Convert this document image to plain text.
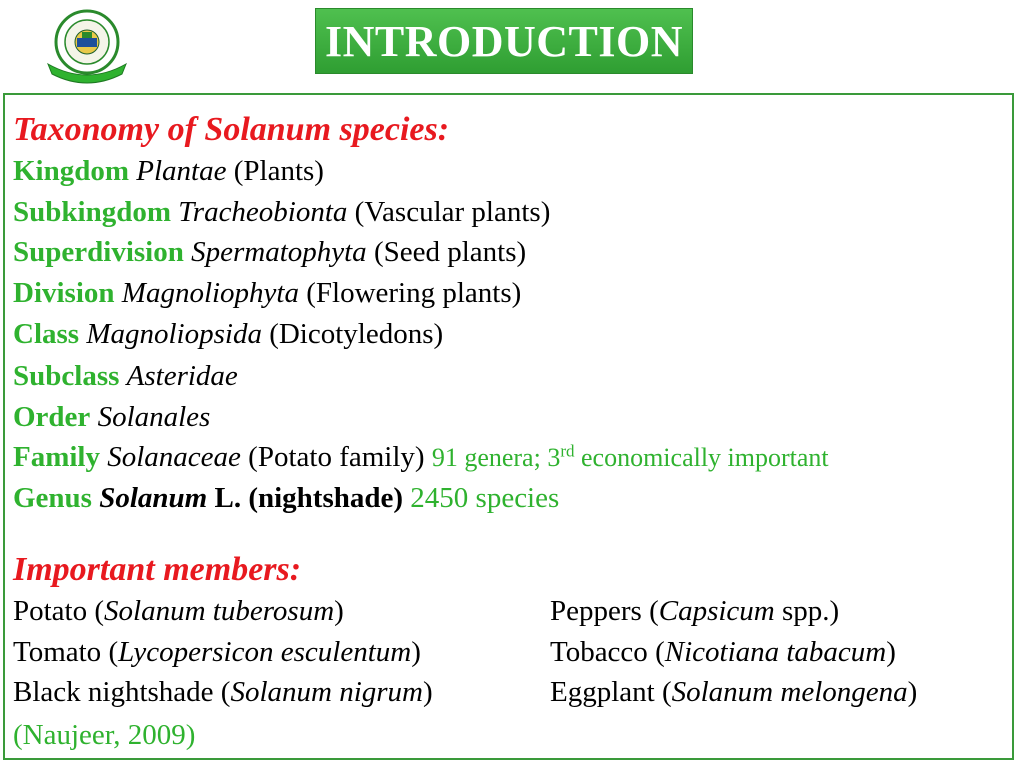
INTRODUCTION
Taxonomy of Solanum species:
Kingdom Plantae (Plants)
Subkingdom Tracheobionta (Vascular plants)
Superdivision Spermatophyta (Seed plants)
Division Magnoliophyta (Flowering plants)
Class Magnoliopsida (Dicotyledons)
Subclass Asteridae
Order Solanales
Family Solanaceae (Potato family) 91 genera; 3rd economically important
Genus Solanum L. (nightshade) 2450 species
Important members:
Potato (Solanum tuberosum)
Tomato (Lycopersicon esculentum)
Black nightshade (Solanum nigrum)
Peppers (Capsicum spp.)
Tobacco (Nicotiana tabacum)
Eggplant (Solanum melongena)
(Naujeer, 2009)
